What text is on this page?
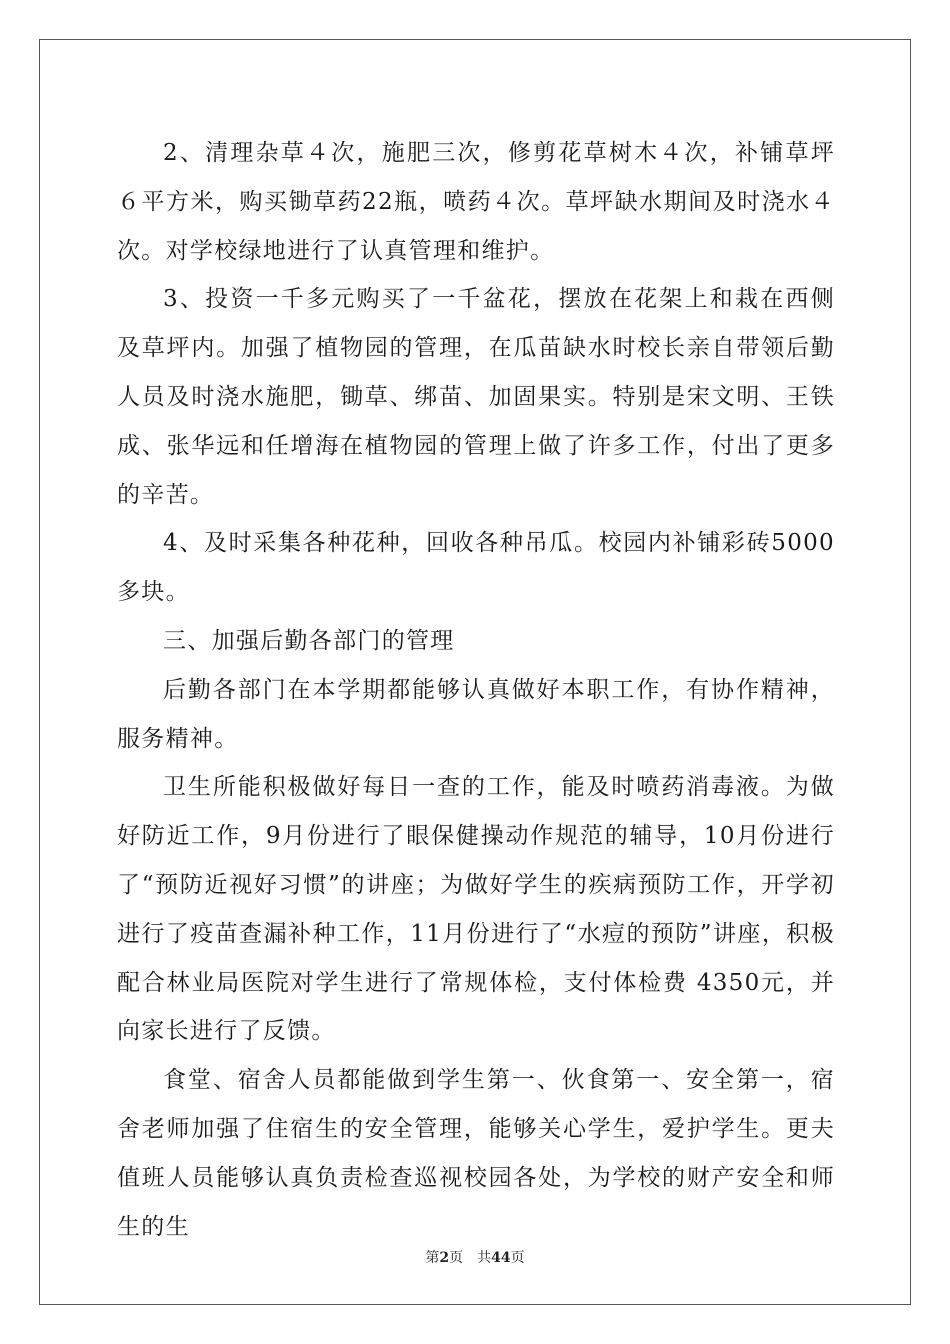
2、清理杂草４次，施肥三次，修剪花草树木４次，补铺草坪６平方米，购买锄草药22瓶，喷药４次。草坪缺水期间及时浇水４次。对学校绿地进行了认真管理和维护。

3、投资一千多元购买了一千盆花，摆放在花架上和栽在西侧及草坪内。加强了植物园的管理，在瓜苗缺水时校长亲自带领后勤人员及时浇水施肥，锄草、绑苗、加固果实。特别是宋文明、王铁成、张华远和任增海在植物园的管理上做了许多工作，付出了更多的辛苦。

4、及时采集各种花种，回收各种吊瓜。校园内补铺彩砖5000多块。

三、加强后勤各部门的管理

后勤各部门在本学期都能够认真做好本职工作，有协作精神，服务精神。

卫生所能积极做好每日一查的工作，能及时喷药消毒液。为做好防近工作，9月份进行了眼保健操动作规范的辅导，10月份进行了“预防近视好习惯”的讲座；为做好学生的疾病预防工作，开学初进行了疫苗查漏补种工作，11月份进行了“水痘的预防”讲座，积极配合林业局医院对学生进行了常规体检，支付体检费 4350元，并向家长进行了反馈。

食堂、宿舍人员都能做到学生第一、伙食第一、安全第一，宿舍老师加强了住宿生的安全管理，能够关心学生，爱护学生。更夫值班人员能够认真负责检查巡视校园各处，为学校的财产安全和师生的生

第2页 共44页
